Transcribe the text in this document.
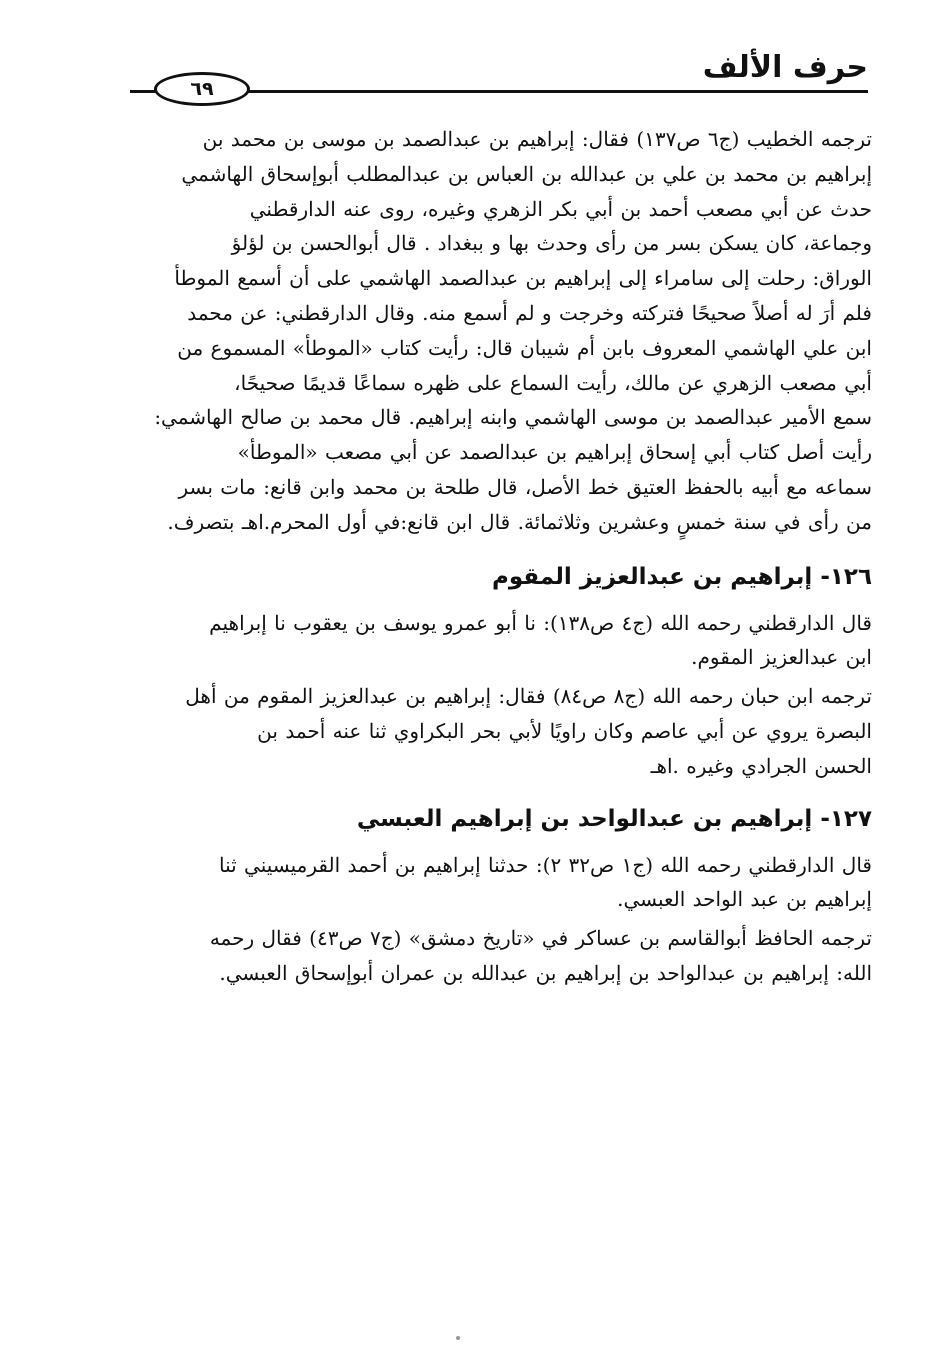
حرف الألف
٦٩

ترجمه الخطيب (ج٦ ص١٣٧) فقال: إبراهيم بن عبدالصمد بن موسى بن محمد بن
إبراهيم بن محمد بن علي بن عبدالله بن العباس بن عبدالمطلب أبوإسحاق الهاشمي
حدث عن أبي مصعب أحمد بن أبي بكر الزهري وغيره، روى عنه الدارقطني
وجماعة، كان يسكن بسر من رأى وحدث بها و ببغداد . قال أبوالحسن بن لؤلؤ
الوراق: رحلت إلى سامراء إلى إبراهيم بن عبدالصمد الهاشمي على أن أسمع الموطأ
فلم أرَ له أصلاً صحيحًا فتركته وخرجت و لم أسمع منه. وقال الدارقطني: عن محمد
ابن علي الهاشمي المعروف بابن أم شيبان قال: رأيت كتاب «الموطأ» المسموع من
أبي مصعب الزهري عن مالك، رأيت السماع على ظهره سماعًا قديمًا صحيحًا،
سمع الأمير عبدالصمد بن موسى الهاشمي وابنه إبراهيم. قال محمد بن صالح الهاشمي:
رأيت أصل كتاب أبي إسحاق إبراهيم بن عبدالصمد عن أبي مصعب «الموطأ»
سماعه مع أبيه بالحفظ العتيق خط الأصل، قال طلحة بن محمد وابن قانع: مات بسر
من رأى في سنة خمسٍ وعشرين وثلاثمائة. قال ابن قانع:في أول المحرم.اهـ بتصرف.

١٢٦-إبراهيم بن عبدالعزيز المقوم

قال الدارقطني رحمه الله (ج٤ ص١٣٨): نا أبو عمرو يوسف بن يعقوب نا إبراهيم
ابن عبدالعزيز المقوم.

ترجمه ابن حبان رحمه الله (ج٨ ص٨٤) فقال: إبراهيم بن عبدالعزيز المقوم من أهل
البصرة يروي عن أبي عاصم وكان راويًا لأبي بحر البكراوي ثنا عنه أحمد بن
الحسن الجرادي وغيره .اهـ

١٢٧-إبراهيم بن عبدالواحد بن إبراهيم العبسي

قال الدارقطني رحمه الله (ج١ ص٣٢ ٢): حدثنا إبراهيم بن أحمد القرميسيني ثنا
إبراهيم بن عبد الواحد العبسي.

ترجمه الحافظ أبوالقاسم بن عساكر في «تاريخ دمشق» (ج٧ ص٤٣) فقال رحمه
الله: إبراهيم بن عبدالواحد بن إبراهيم بن عبدالله بن عمران أبوإسحاق العبسي.
